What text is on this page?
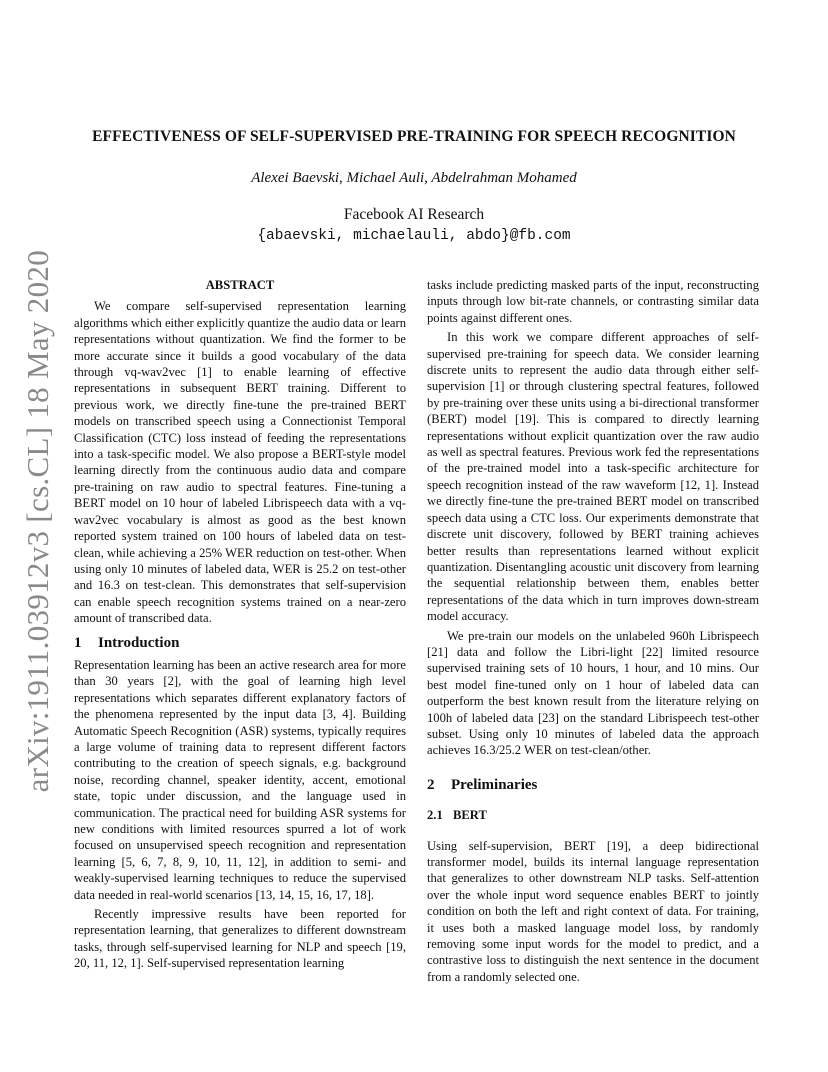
arXiv:1911.03912v3 [cs.CL] 18 May 2020
EFFECTIVENESS OF SELF-SUPERVISED PRE-TRAINING FOR SPEECH RECOGNITION
Alexei Baevski, Michael Auli, Abdelrahman Mohamed
Facebook AI Research
{abaevski, michaelauli, abdo}@fb.com
ABSTRACT

We compare self-supervised representation learning algorithms which either explicitly quantize the audio data or learn representations without quantization. We find the former to be more accurate since it builds a good vocabulary of the data through vq-wav2vec [1] to enable learning of effective representations in subsequent BERT training. Different to previous work, we directly fine-tune the pre-trained BERT models on transcribed speech using a Connectionist Temporal Classification (CTC) loss instead of feeding the representations into a task-specific model. We also propose a BERT-style model learning directly from the continuous audio data and compare pre-training on raw audio to spectral features. Fine-tuning a BERT model on 10 hour of labeled Librispeech data with a vq-wav2vec vocabulary is almost as good as the best known reported system trained on 100 hours of labeled data on test-clean, while achieving a 25% WER reduction on test-other. When using only 10 minutes of labeled data, WER is 25.2 on test-other and 16.3 on test-clean. This demonstrates that self-supervision can enable speech recognition systems trained on a near-zero amount of transcribed data.

1 Introduction

Representation learning has been an active research area for more than 30 years [2], with the goal of learning high level representations which separates different explanatory factors of the phenomena represented by the input data [3, 4]. Building Automatic Speech Recognition (ASR) systems, typically requires a large volume of training data to represent different factors contributing to the creation of speech signals, e.g. background noise, recording channel, speaker identity, accent, emotional state, topic under discussion, and the language used in communication. The practical need for building ASR systems for new conditions with limited resources spurred a lot of work focused on unsupervised speech recognition and representation learning [5, 6, 7, 8, 9, 10, 11, 12], in addition to semi- and weakly-supervised learning techniques to reduce the supervised data needed in real-world scenarios [13, 14, 15, 16, 17, 18].

Recently impressive results have been reported for representation learning, that generalizes to different downstream tasks, through self-supervised learning for NLP and speech [19, 20, 11, 12, 1]. Self-supervised representation learning

tasks include predicting masked parts of the input, reconstructing inputs through low bit-rate channels, or contrasting similar data points against different ones.

In this work we compare different approaches of self-supervised pre-training for speech data. We consider learning discrete units to represent the audio data through either self-supervision [1] or through clustering spectral features, followed by pre-training over these units using a bi-directional transformer (BERT) model [19]. This is compared to directly learning representations without explicit quantization over the raw audio as well as spectral features. Previous work fed the representations of the pre-trained model into a task-specific architecture for speech recognition instead of the raw waveform [12, 1]. Instead we directly fine-tune the pre-trained BERT model on transcribed speech data using a CTC loss. Our experiments demonstrate that discrete unit discovery, followed by BERT training achieves better results than representations learned without explicit quantization. Disentangling acoustic unit discovery from learning the sequential relationship between them, enables better representations of the data which in turn improves down-stream model accuracy.

We pre-train our models on the unlabeled 960h Librispeech [21] data and follow the Libri-light [22] limited resource supervised training sets of 10 hours, 1 hour, and 10 mins. Our best model fine-tuned only on 1 hour of labeled data can outperform the best known result from the literature relying on 100h of labeled data [23] on the standard Librispeech test-other subset. Using only 10 minutes of labeled data the approach achieves 16.3/25.2 WER on test-clean/other.

2 Preliminaries
2.1 BERT

Using self-supervision, BERT [19], a deep bidirectional transformer model, builds its internal language representation that generalizes to other downstream NLP tasks. Self-attention over the whole input word sequence enables BERT to jointly condition on both the left and right context of data. For training, it uses both a masked language model loss, by randomly removing some input words for the model to predict, and a contrastive loss to distinguish the next sentence in the document from a randomly selected one.
